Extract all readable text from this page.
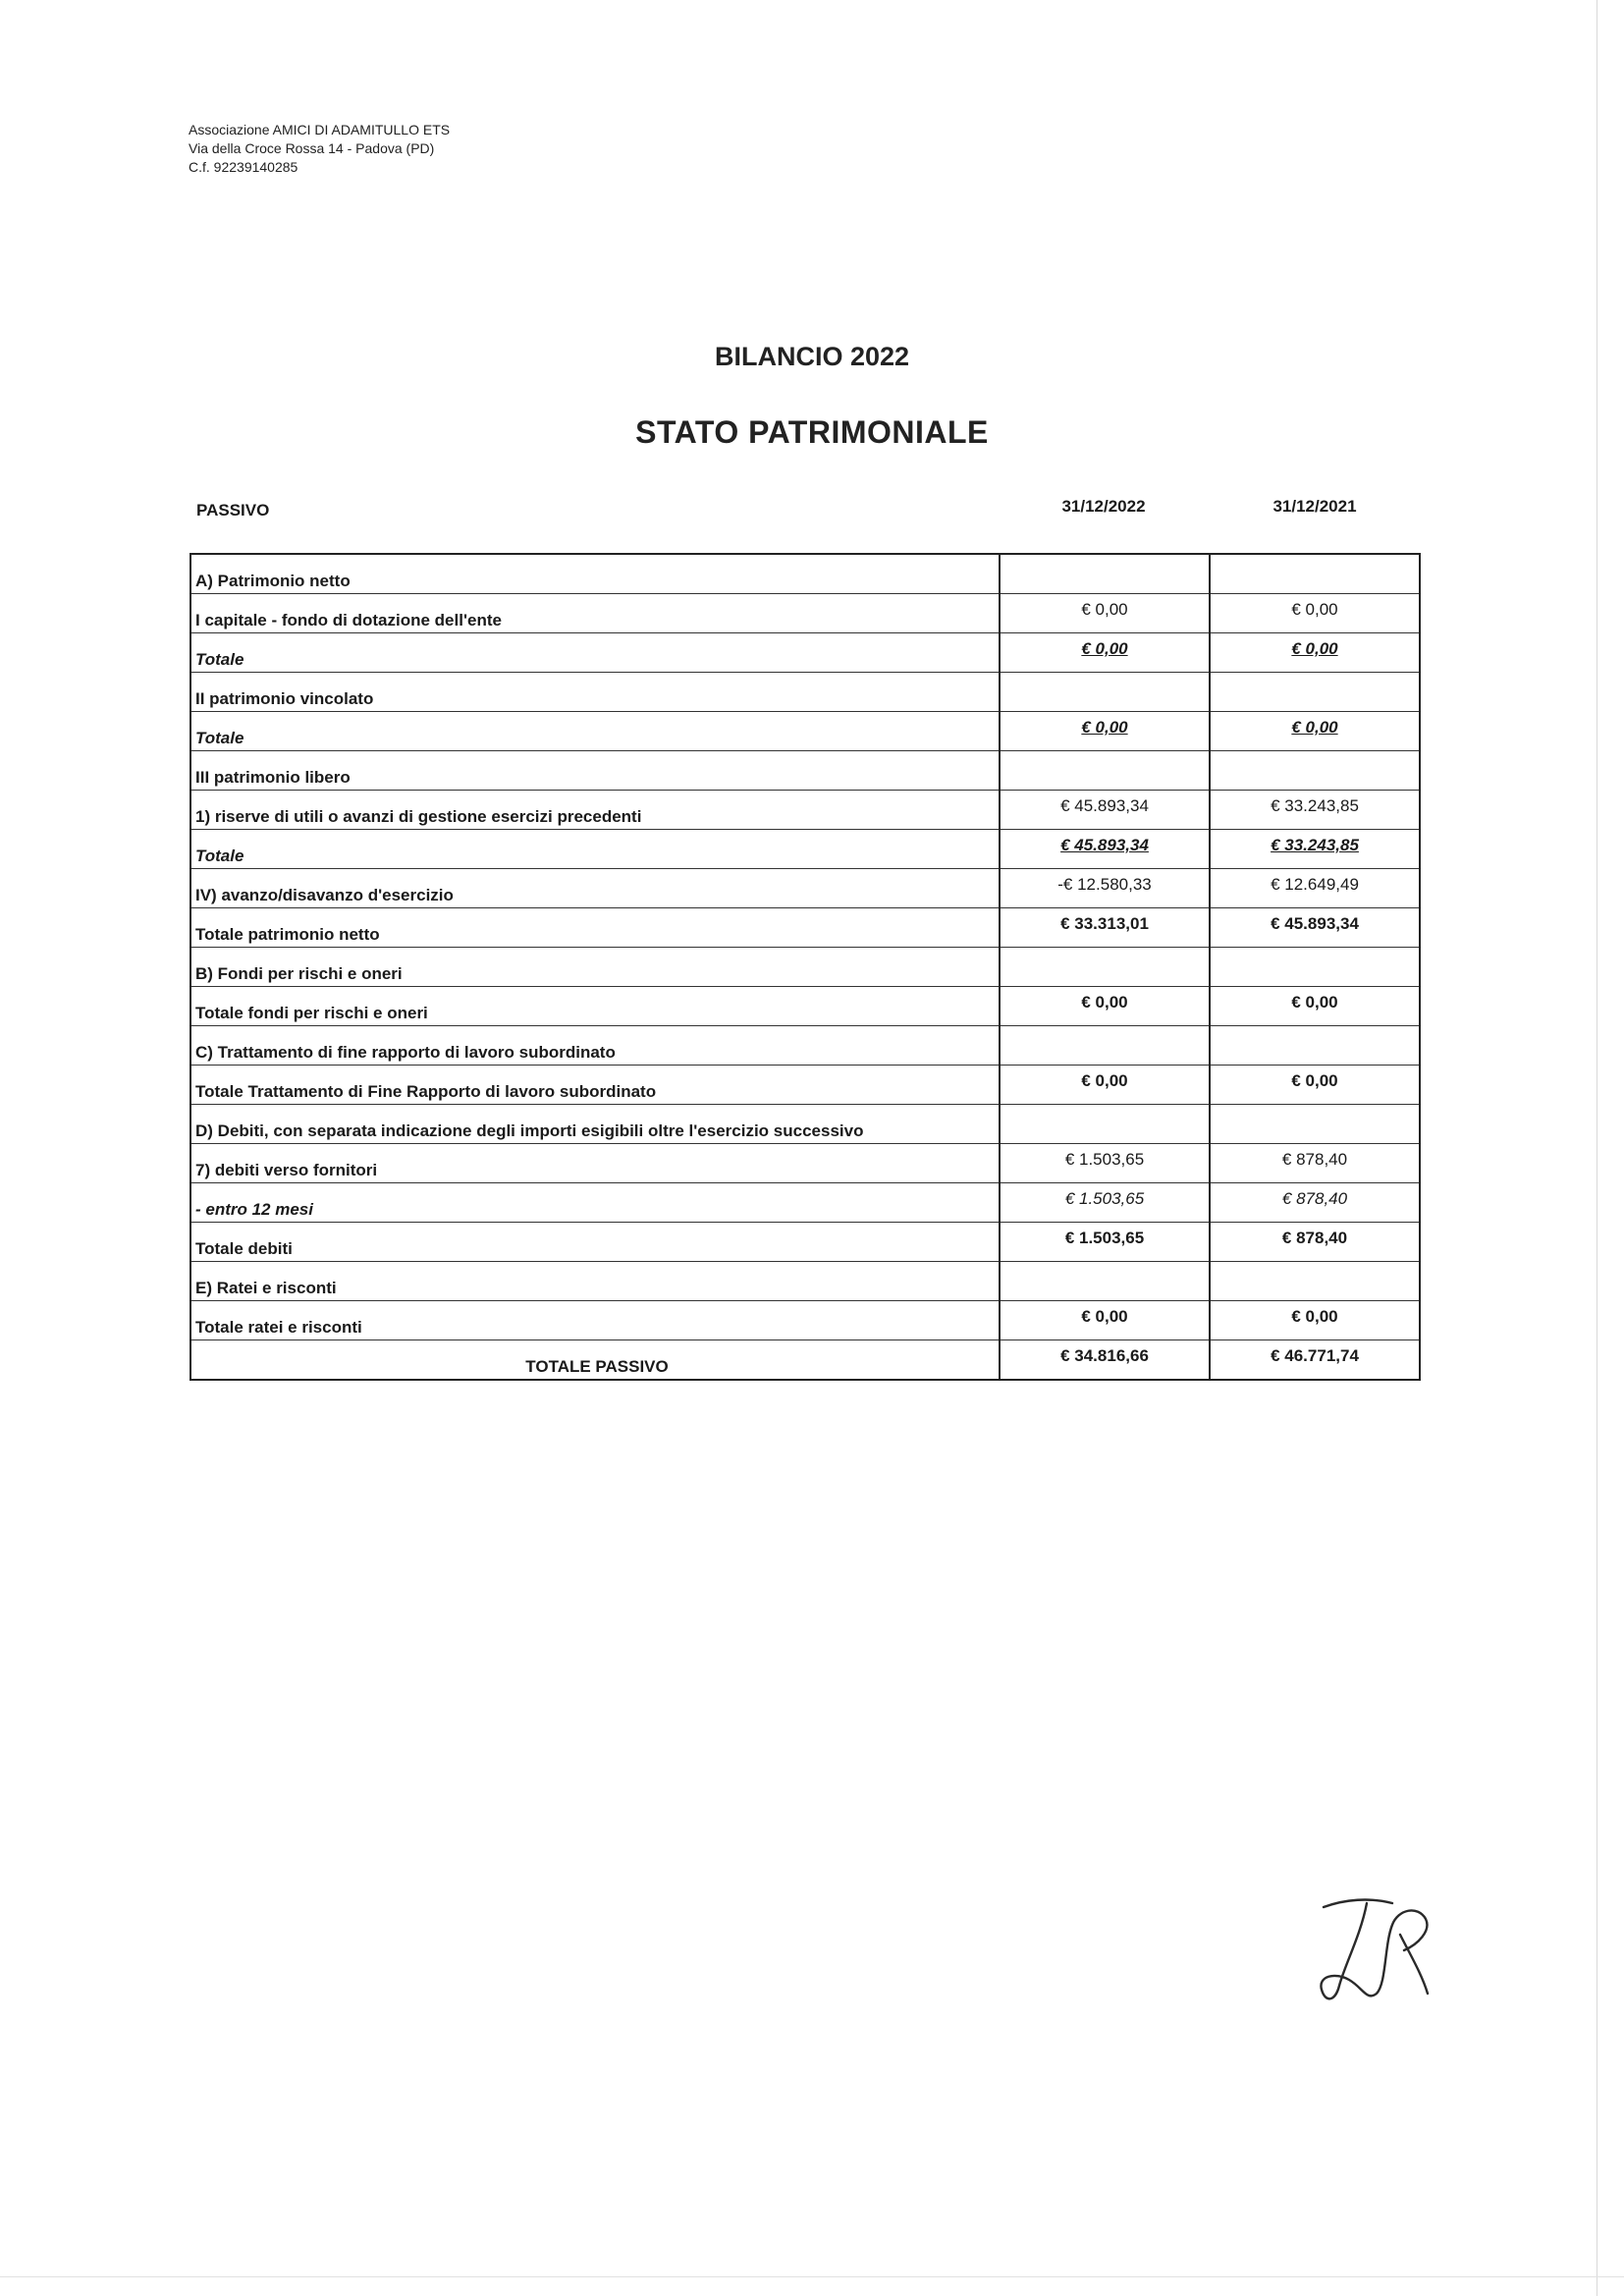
Associazione AMICI DI ADAMITULLO ETS
Via della Croce Rossa 14 - Padova (PD)
C.f. 92239140285
BILANCIO 2022
STATO PATRIMONIALE
PASSIVO	31/12/2022	31/12/2021
A) Patrimonio netto		
I capitale - fondo di dotazione dell'ente	€ 0,00	€ 0,00
Totale	€ 0,00	€ 0,00
II patrimonio vincolato		
Totale	€ 0,00	€ 0,00
III patrimonio libero		
1) riserve di utili o avanzi di gestione esercizi precedenti	€ 45.893,34	€ 33.243,85
Totale	€ 45.893,34	€ 33.243,85
IV) avanzo/disavanzo d'esercizio	-€ 12.580,33	€ 12.649,49
Totale patrimonio netto	€ 33.313,01	€ 45.893,34
B) Fondi per rischi e oneri		
Totale fondi per rischi e oneri	€ 0,00	€ 0,00
C) Trattamento di fine rapporto di lavoro subordinato		
Totale Trattamento di Fine Rapporto di lavoro subordinato	€ 0,00	€ 0,00
D) Debiti, con separata indicazione degli importi esigibili oltre l'esercizio successivo		
7) debiti verso fornitori	€ 1.503,65	€ 878,40
- entro 12 mesi	€ 1.503,65	€ 878,40
Totale debiti	€ 1.503,65	€ 878,40
E) Ratei e risconti		
Totale ratei e risconti	€ 0,00	€ 0,00
TOTALE PASSIVO	€ 34.816,66	€ 46.771,74
